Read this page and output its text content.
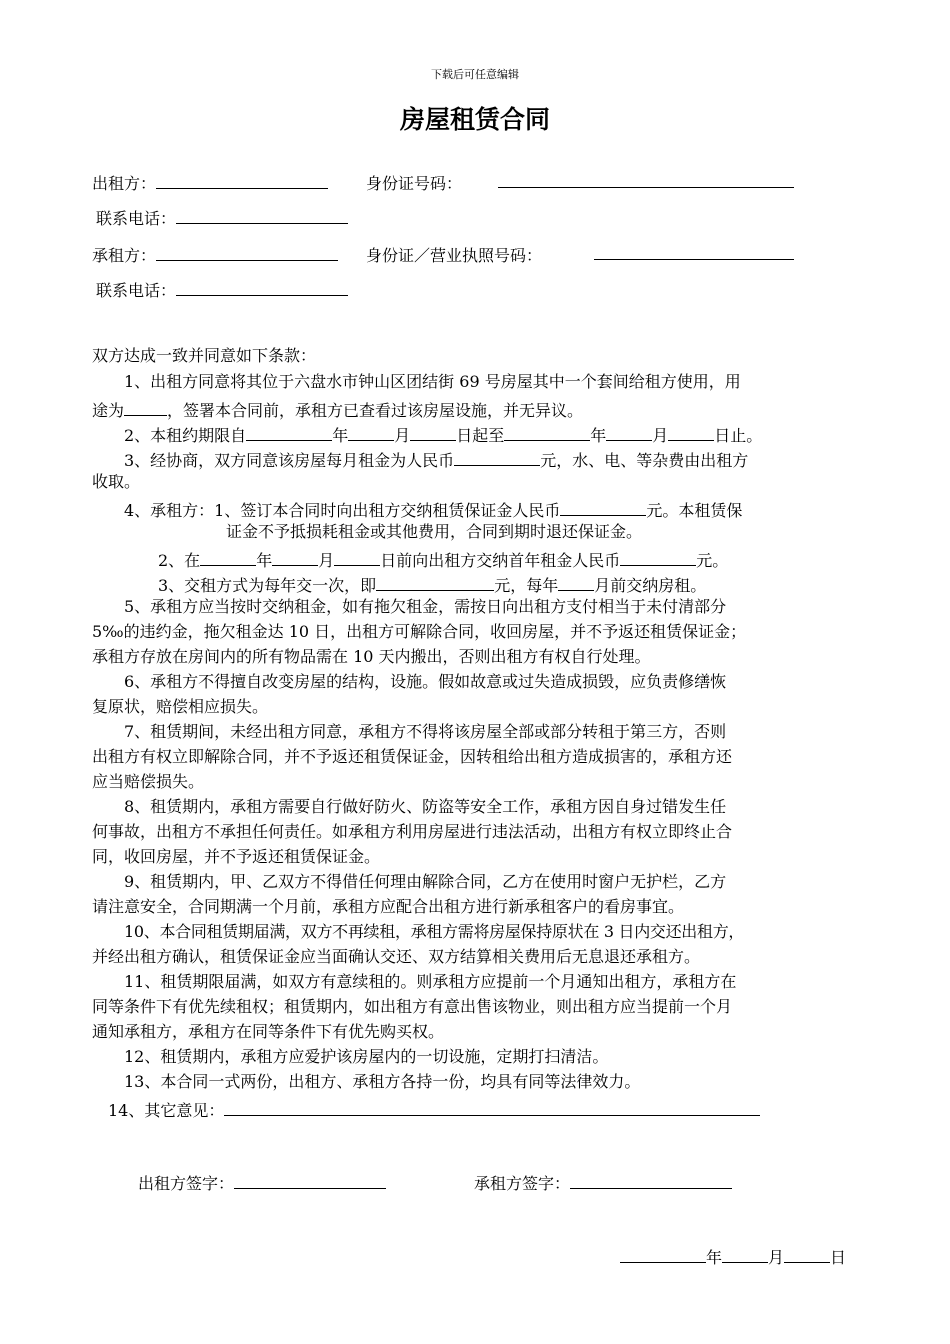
下载后可任意编辑
房屋租赁合同
出租方：	身份证号码：
联系电话：
承租方：	身份证／营业执照号码：
联系电话：
双方达成一致并同意如下条款：
1、出租方同意将其位于六盘水市钟山区团结街 69 号房屋其中一个套间给租方使用，用
途为	，签署本合同前，承租方已查看过该房屋设施，并无异议。
2、本租约期限自	年	月	日起至	年	月	日止。
3、经协商，双方同意该房屋每月租金为人民币	元，水、电、等杂费由出租方
收取。
4、承租方：1、签订本合同时向出租方交纳租赁保证金人民币	元。本租赁保
证金不予抵损耗租金或其他费用，合同到期时退还保证金。
2、在	年	月	日前向出租方交纳首年租金人民币	元。
3、交租方式为每年交一次，即	元，每年 月前交纳房租。
5、承租方应当按时交纳租金，如有拖欠租金，需按日向出租方支付相当于未付清部分
5‰的违约金，拖欠租金达 10 日，出租方可解除合同，收回房屋，并不予返还租赁保证金；
承租方存放在房间内的所有物品需在 10 天内搬出，否则出租方有权自行处理。
6、承租方不得擅自改变房屋的结构，设施。假如故意或过失造成损毁，应负责修缮恢
复原状，赔偿相应损失。
7、租赁期间，未经出租方同意，承租方不得将该房屋全部或部分转租于第三方，否则
出租方有权立即解除合同，并不予返还租赁保证金，因转租给出租方造成损害的，承租方还
应当赔偿损失。
8、租赁期内，承租方需要自行做好防火、防盗等安全工作，承租方因自身过错发生任
何事故，出租方不承担任何责任。如承租方利用房屋进行违法活动，出租方有权立即终止合
同，收回房屋，并不予返还租赁保证金。
9、租赁期内，甲、乙双方不得借任何理由解除合同，乙方在使用时窗户无护栏，乙方
请注意安全，合同期满一个月前，承租方应配合出租方进行新承租客户的看房事宜。
10、本合同租赁期届满，双方不再续租，承租方需将房屋保持原状在 3 日内交还出租方，
并经出租方确认，租赁保证金应当面确认交还、双方结算相关费用后无息退还承租方。
11、租赁期限届满，如双方有意续租的。则承租方应提前一个月通知出租方，承租方在
同等条件下有优先续租权；租赁期内，如出租方有意出售该物业，则出租方应当提前一个月
通知承租方，承租方在同等条件下有优先购买权。
12、租赁期内，承租方应爱护该房屋内的一切设施，定期打扫清洁。
13、本合同一式两份，出租方、承租方各持一份，均具有同等法律效力。
14、其它意见：
出租方签字：	承租方签字：
年	月	日
